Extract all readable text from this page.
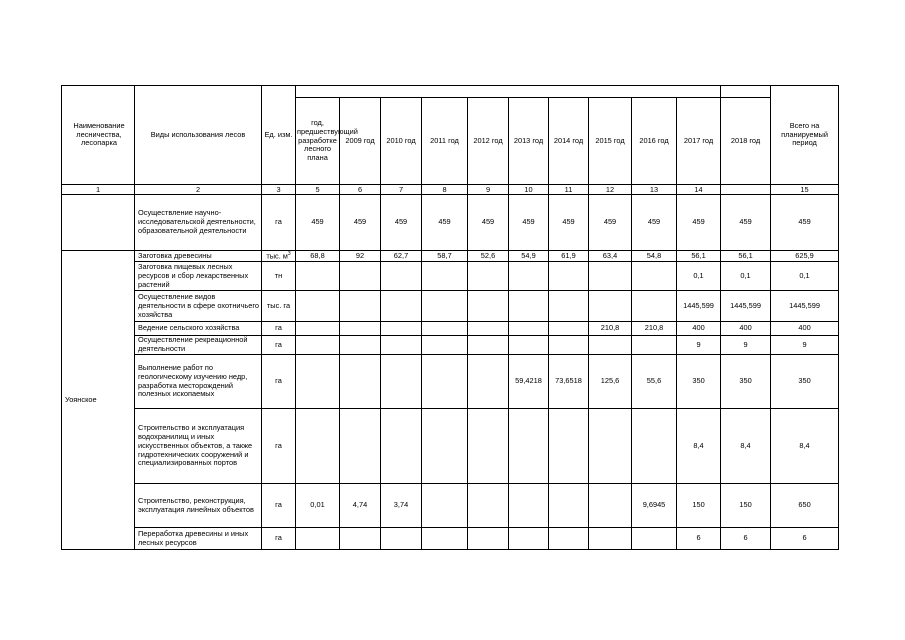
Наименование лесничества, лесопарка	Виды использования лесов	Ед. изм.												Всего на планируемый период
			год, предшествующий разработке лесного плана	2009 год	2010 год	2011 год	2012 год	2013 год	2014 год	2015 год	2016 год	2017 год	2018 год	
1	2	3	5	6	7	8	9	10	11	12	13	14		15
	Осуществление научно-исследовательской деятельности, образовательной деятельности	га	459	459	459	459	459	459	459	459	459	459	459	459
Уоянское	Заготовка древесины	тыс. $м^3$	68,8	92	62,7	58,7	52,6	54,9	61,9	63,4	54,8	56,1	56,1	625,9
	Заготовка пищевых лесных ресурсов и сбор лекарственных растений	тн										0,1	0,1	0,1
	Осуществление видов деятельности в сфере охотничьего хозяйства	тыс. га										1445,599	1445,599	1445,599
	Ведение сельского хозяйства	га								210,8	210,8	400	400	400
	Осуществление рекреационной деятельности	га										9	9	9
	Выполнение работ по геологическому изучению недр, разработка месторождений полезных ископаемых	га						59,4218	73,6518	125,6	55,6	350	350	350
	Строительство и эксплуатация водохранилищ и иных искусственных объектов, а также гидротехнических сооружений и специализированных портов	га										8,4	8,4	8,4
	Строительство, реконструкция, эксплуатация линейных объектов	га	0,01	4,74	3,74						9,6945	150	150	650
	Переработка древесины и иных лесных ресурсов	га										6	6	6
